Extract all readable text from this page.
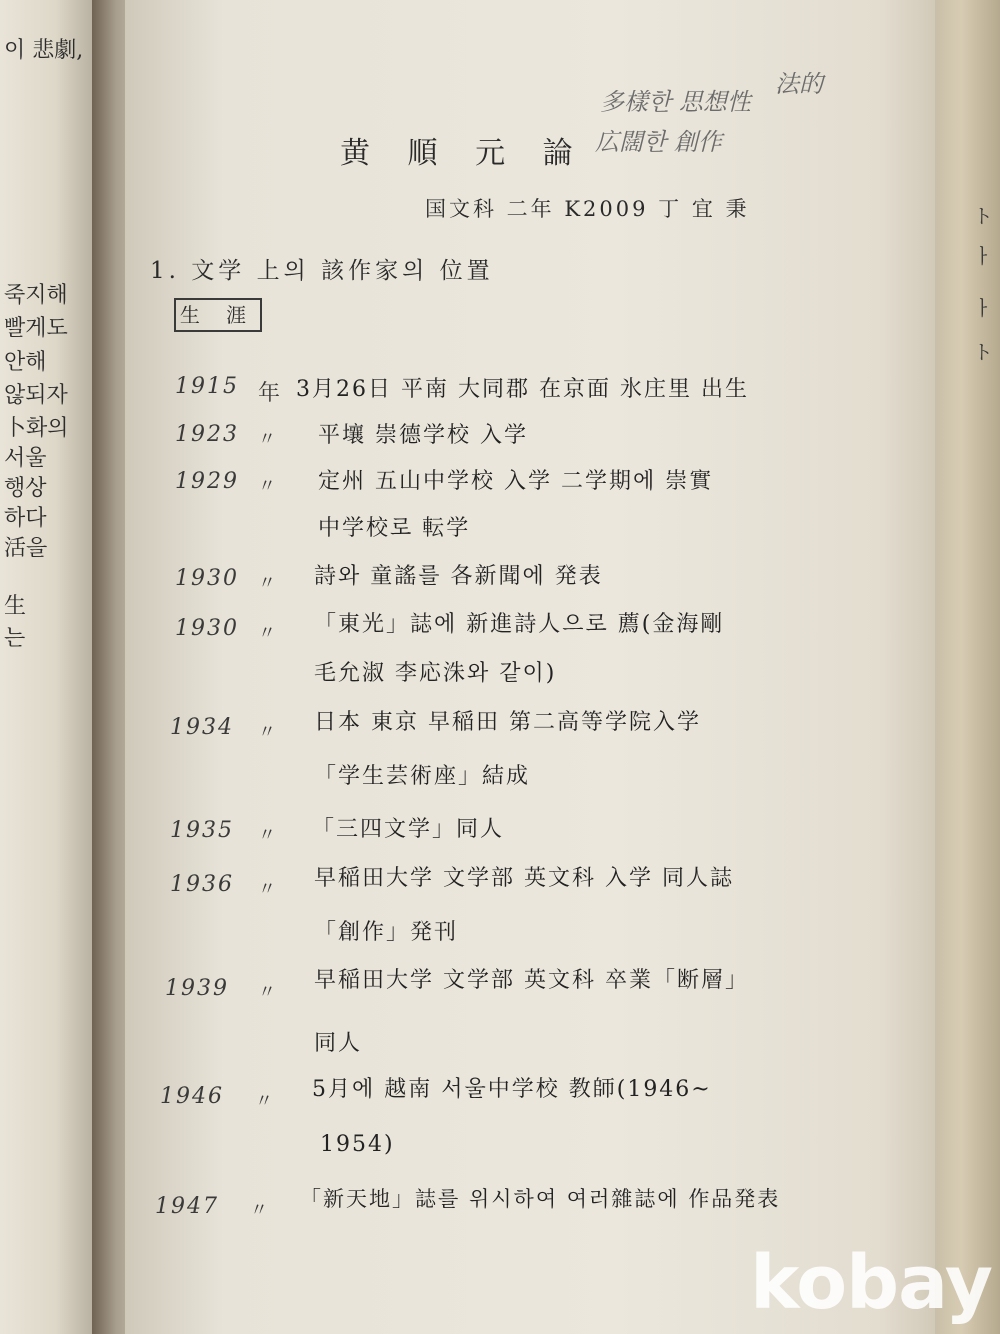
이 悲劇,
죽지해
빨게도
안해
않되자
卜화의
서울
행상
하다
活을
生
는
ト
ㅏ
ㅏ
ト
多樣한 思想性
法的
広闊한 創作
黄 順 元 論
国文科 二年 K2009 丁 宜 秉
1. 文学 上의 該作家의 位置
生 涯
1915 年 3月26日 平南 大同郡 在京面 氷庄里 出生
1923 〃 平壤 崇德学校 入学
1929 〃 定州 五山中学校 入学 二学期에 崇實
中学校로 転学
1930 〃 詩와 童謠를 各新聞에 発表
1930 〃 「東光」誌에 新進詩人으로 薦(金海剛
毛允淑 李応洙와 같이)
1934 〃 日本 東京 早稲田 第二高等学院入学
「学生芸術座」結成
1935 〃 「三四文学」同人
1936 〃 早稲田大学 文学部 英文科 入学 同人誌
「創作」発刊
1939 〃 早稲田大学 文学部 英文科 卒業「断層」
同人
1946 〃 5月에 越南 서울中学校 教師(1946~
1954)
1947 〃 「新天地」誌를 위시하여 여러雜誌에 作品発表
kobay
